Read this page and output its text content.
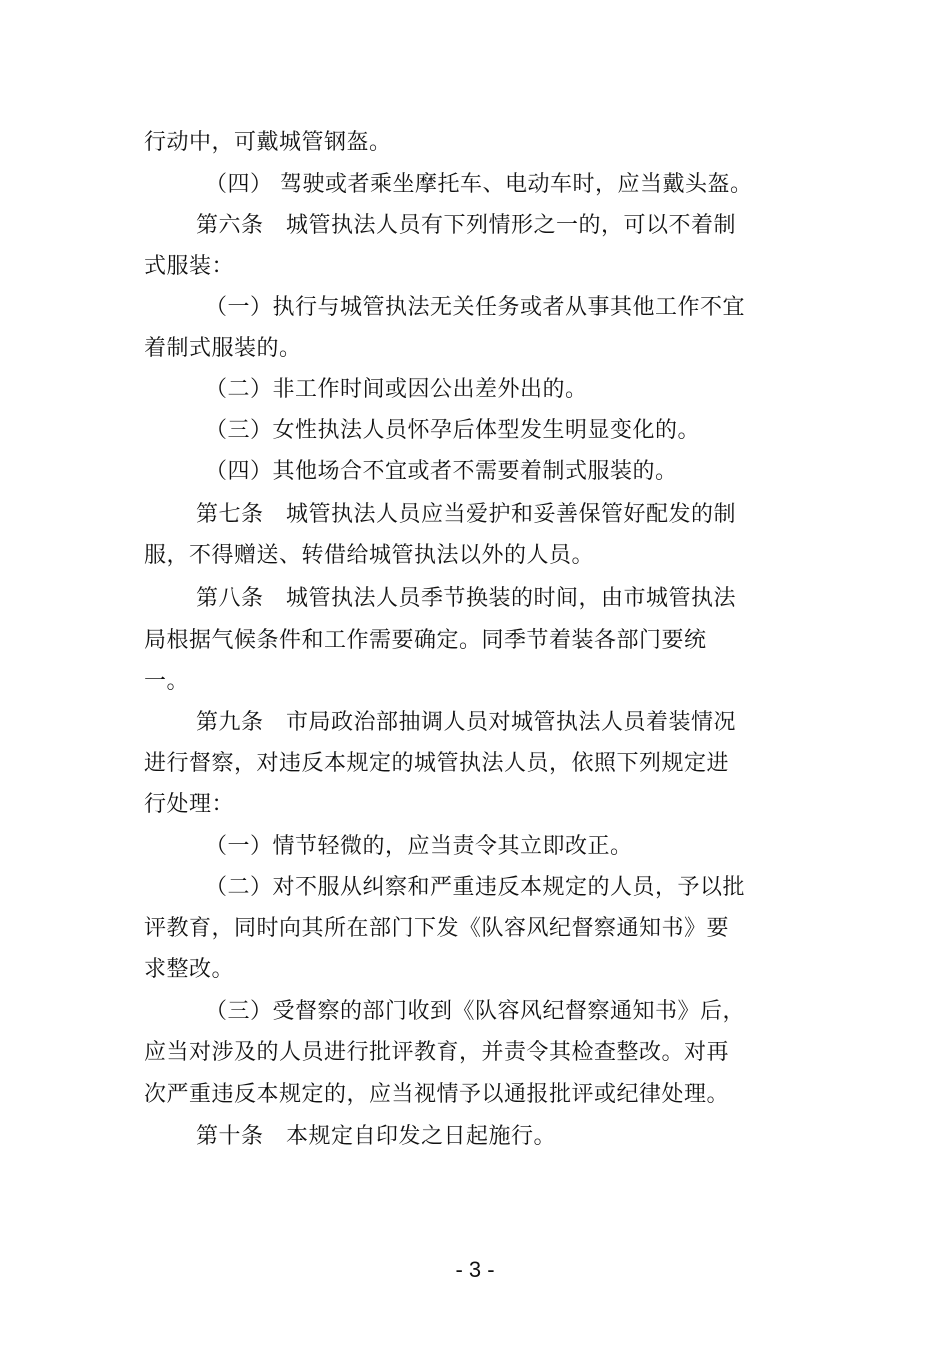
行动中，可戴城管钢盔。
（四） 驾驶或者乘坐摩托车、电动车时，应当戴头盔。
第六条　城管执法人员有下列情形之一的，可以不着制
式服装：
（一）执行与城管执法无关任务或者从事其他工作不宜
着制式服装的。
（二）非工作时间或因公出差外出的。
（三）女性执法人员怀孕后体型发生明显变化的。
（四）其他场合不宜或者不需要着制式服装的。
第七条　城管执法人员应当爱护和妥善保管好配发的制
服，不得赠送、转借给城管执法以外的人员。
第八条　城管执法人员季节换装的时间，由市城管执法
局根据气候条件和工作需要确定。同季节着装各部门要统
一。
第九条　市局政治部抽调人员对城管执法人员着装情况
进行督察，对违反本规定的城管执法人员，依照下列规定进
行处理：
（一）情节轻微的，应当责令其立即改正。
（二）对不服从纠察和严重违反本规定的人员，予以批
评教育，同时向其所在部门下发《队容风纪督察通知书》要
求整改。
（三）受督察的部门收到《队容风纪督察通知书》后，
应当对涉及的人员进行批评教育，并责令其检查整改。对再
次严重违反本规定的，应当视情予以通报批评或纪律处理。
第十条　本规定自印发之日起施行。
- 3 -
